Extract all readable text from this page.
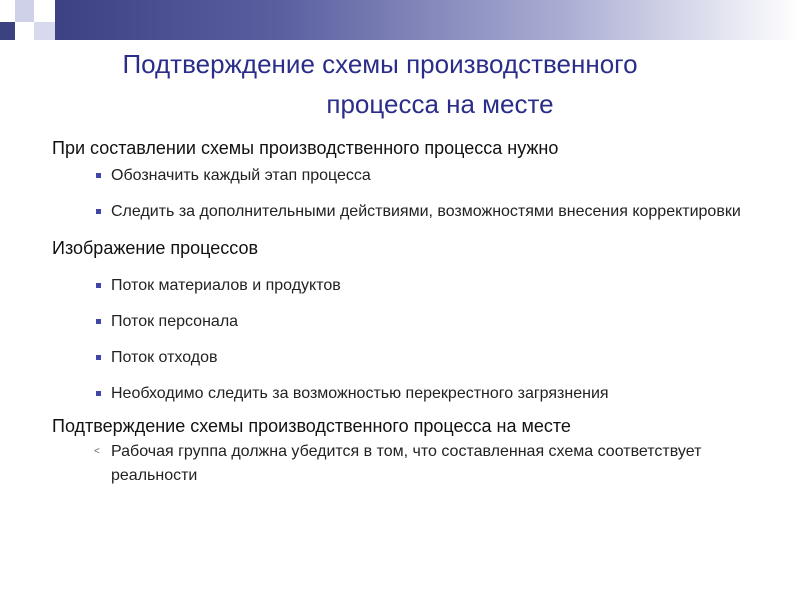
Подтверждение схемы производственного
процесса на месте
При составлении схемы производственного процесса нужно
Обозначить каждый этап процесса
Следить за дополнительными действиями, возможностями внесения корректировки
Изображение процессов
Поток материалов и продуктов
Поток персонала
Поток отходов
Необходимо следить за возможностью перекрестного загрязнения
Подтверждение схемы производственного процесса на месте
< Рабочая группа должна убедится в том, что составленная схема соответствует реальности
